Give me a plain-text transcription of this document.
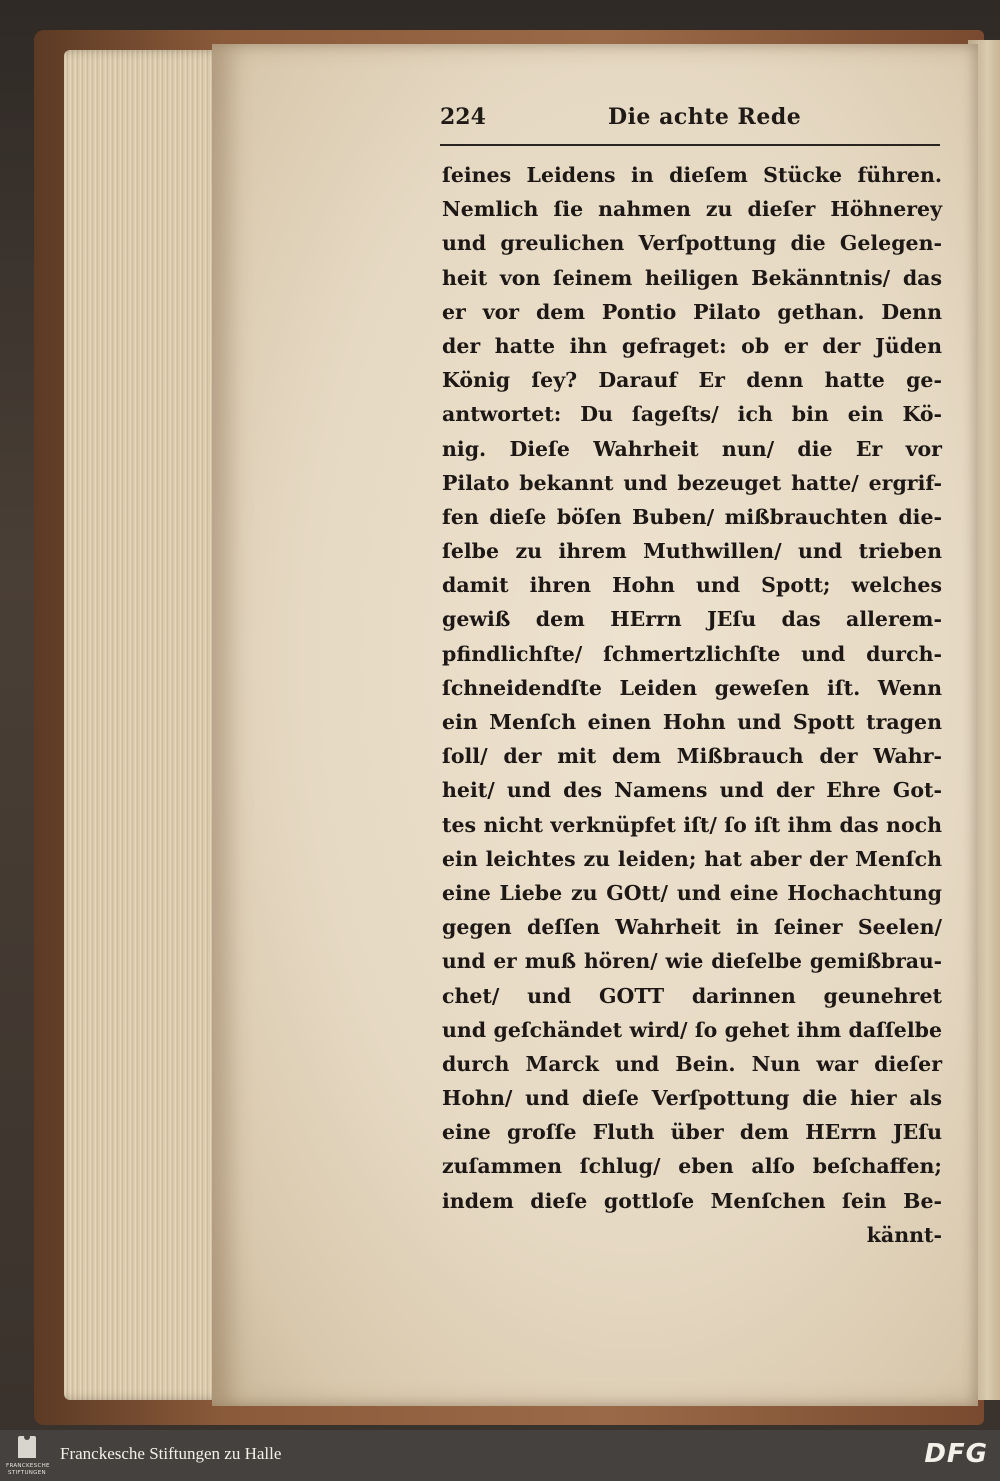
224	Die achte Rede
ſeines Leidens in dieſem Stücke führen.
Nemlich ſie nahmen zu dieſer Höhnerey
und greulichen Verſpottung die Gelegen-
heit von ſeinem heiligen Bekänntnis/ das
er vor dem Pontio Pilato gethan. Denn
der hatte ihn gefraget: ob er der Jüden
König ſey? Darauf Er denn hatte ge-
antwortet: Du ſageſts/ ich bin ein Kö-
nig. Dieſe Wahrheit nun/ die Er vor
Pilato bekannt und bezeuget hatte/ ergrif-
fen dieſe böſen Buben/ mißbrauchten die-
ſelbe zu ihrem Muthwillen/ und trieben
damit ihren Hohn und Spott; welches
gewiß dem HErrn JEſu das allerem-
pfindlichſte/ ſchmertzlichſte und durch-
ſchneidendſte Leiden geweſen iſt. Wenn
ein Menſch einen Hohn und Spott tragen
ſoll/ der mit dem Mißbrauch der Wahr-
heit/ und des Namens und der Ehre Got-
tes nicht verknüpfet iſt/ ſo iſt ihm das noch
ein leichtes zu leiden; hat aber der Menſch
eine Liebe zu GOtt/ und eine Hochachtung
gegen deſſen Wahrheit in ſeiner Seelen/
und er muß hören/ wie dieſelbe gemißbrau-
chet/ und GOTT darinnen geunehret
und geſchändet wird/ ſo gehet ihm daſſelbe
durch Marck und Bein. Nun war dieſer
Hohn/ und dieſe Verſpottung die hier als
eine groſſe Fluth über dem HErrn JEſu
zuſammen ſchlug/ eben alſo beſchaffen;
indem dieſe gottloſe Menſchen ſein Be-
kännt-
FRANCKESCHE
STIFTUNGEN
Franckesche Stiftungen zu Halle	DFG
